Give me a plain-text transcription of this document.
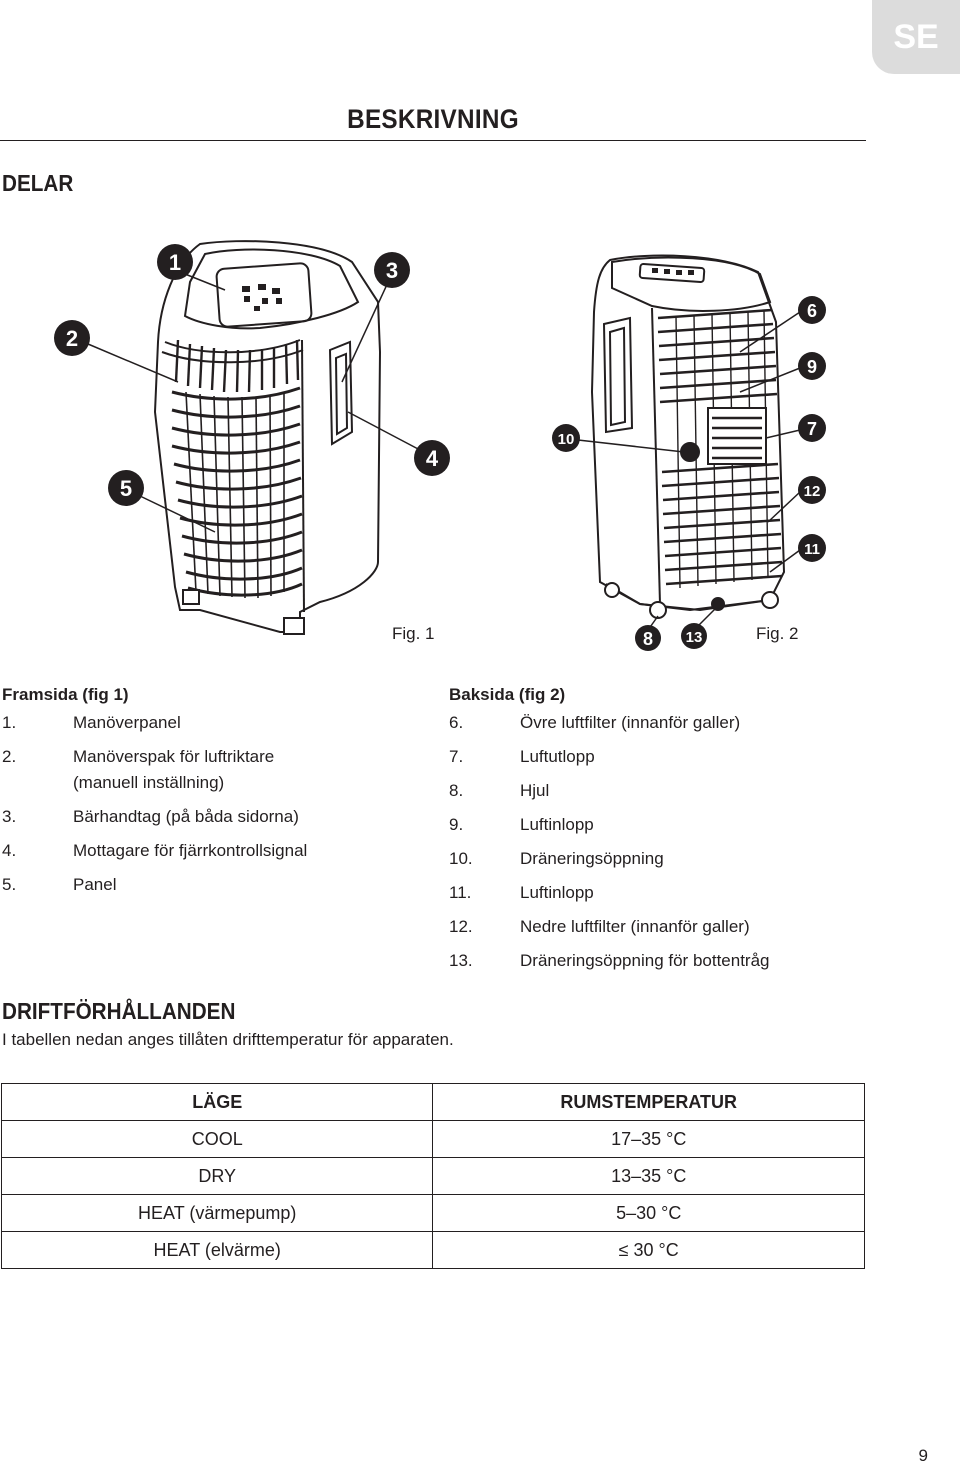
SE
BESKRIVNING
DELAR
1
2
3
4
5
6
9
7
10
12
11
8 13
Fig. 1	Fig. 2
Framsida (fig 1)
1.	Manöverpanel
2.	Manöverspak för luftriktare
(manuell inställning)
3.	Bärhandtag (på båda sidorna)
4.	Mottagare för fjärrkontrollsignal
5.	Panel
Baksida (fig 2)
6.	Övre luftfilter (innanför galler)
7.	Luftutlopp
8.	Hjul
9.	Luftinlopp
10.	Dräneringsöppning
11.	Luftinlopp
12.	Nedre luftfilter (innanför galler)
13.	Dräneringsöppning för bottentråg
DRIFTFÖRHÅLLANDEN
I tabellen nedan anges tillåten drifttemperatur för apparaten.
LÄGE	RUMSTEMPERATUR
COOL	17–35 °C
DRY	13–35 °C
HEAT (värmepump)	5–30 °C
HEAT (elvärme)	≤ 30 °C
9
